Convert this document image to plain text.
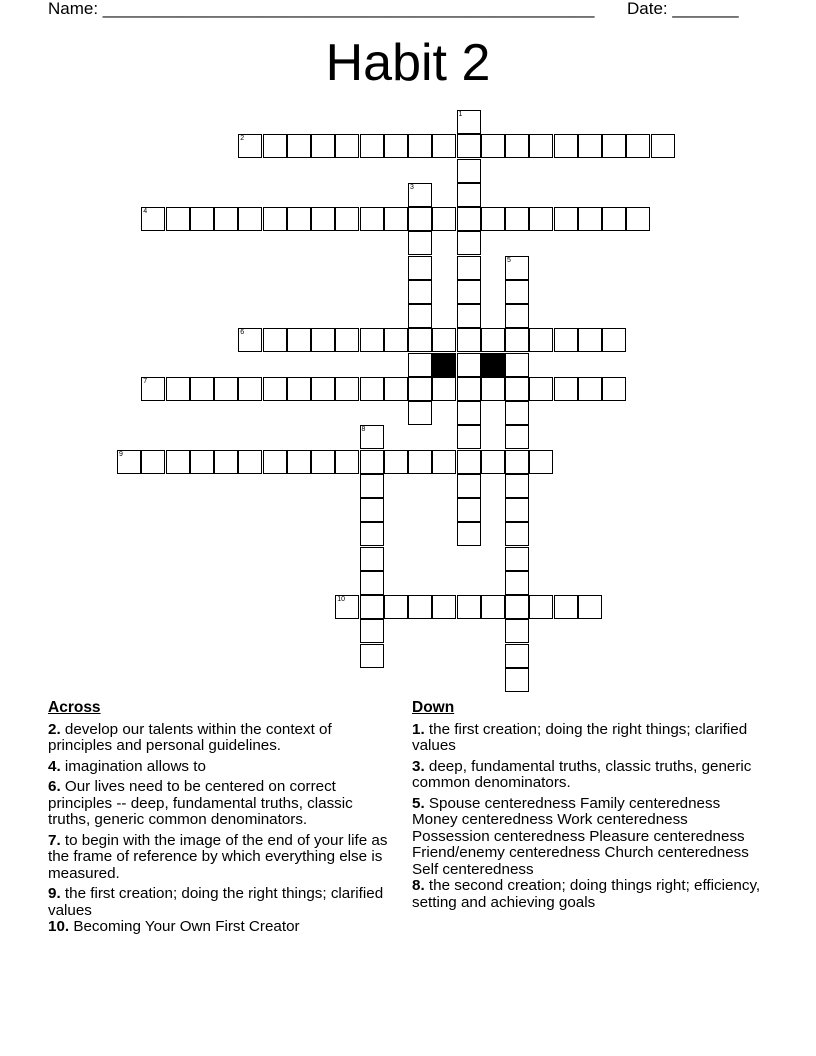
Name: ____________________________________________________ Date: _______
Habit 2
2
4
6
7
9
10
1
3
5
8
Across
2. develop our talents within the context of principles and personal guidelines.
4. imagination allows to
6. Our lives need to be centered on correct principles -- deep, fundamental truths, classic truths, generic common denominators.
7. to begin with the image of the end of your life as the frame of reference by which everything else is measured.
9. the first creation; doing the right things; clarified values
10. Becoming Your Own First Creator
Down
1. the first creation; doing the right things; clarified values
3. deep, fundamental truths, classic truths, generic common denominators.
5. Spouse centeredness Family centeredness Money centeredness Work centeredness Possession centeredness Pleasure centeredness Friend/enemy centeredness Church centeredness Self centeredness
8. the second creation; doing things right; efficiency, setting and achieving goals
